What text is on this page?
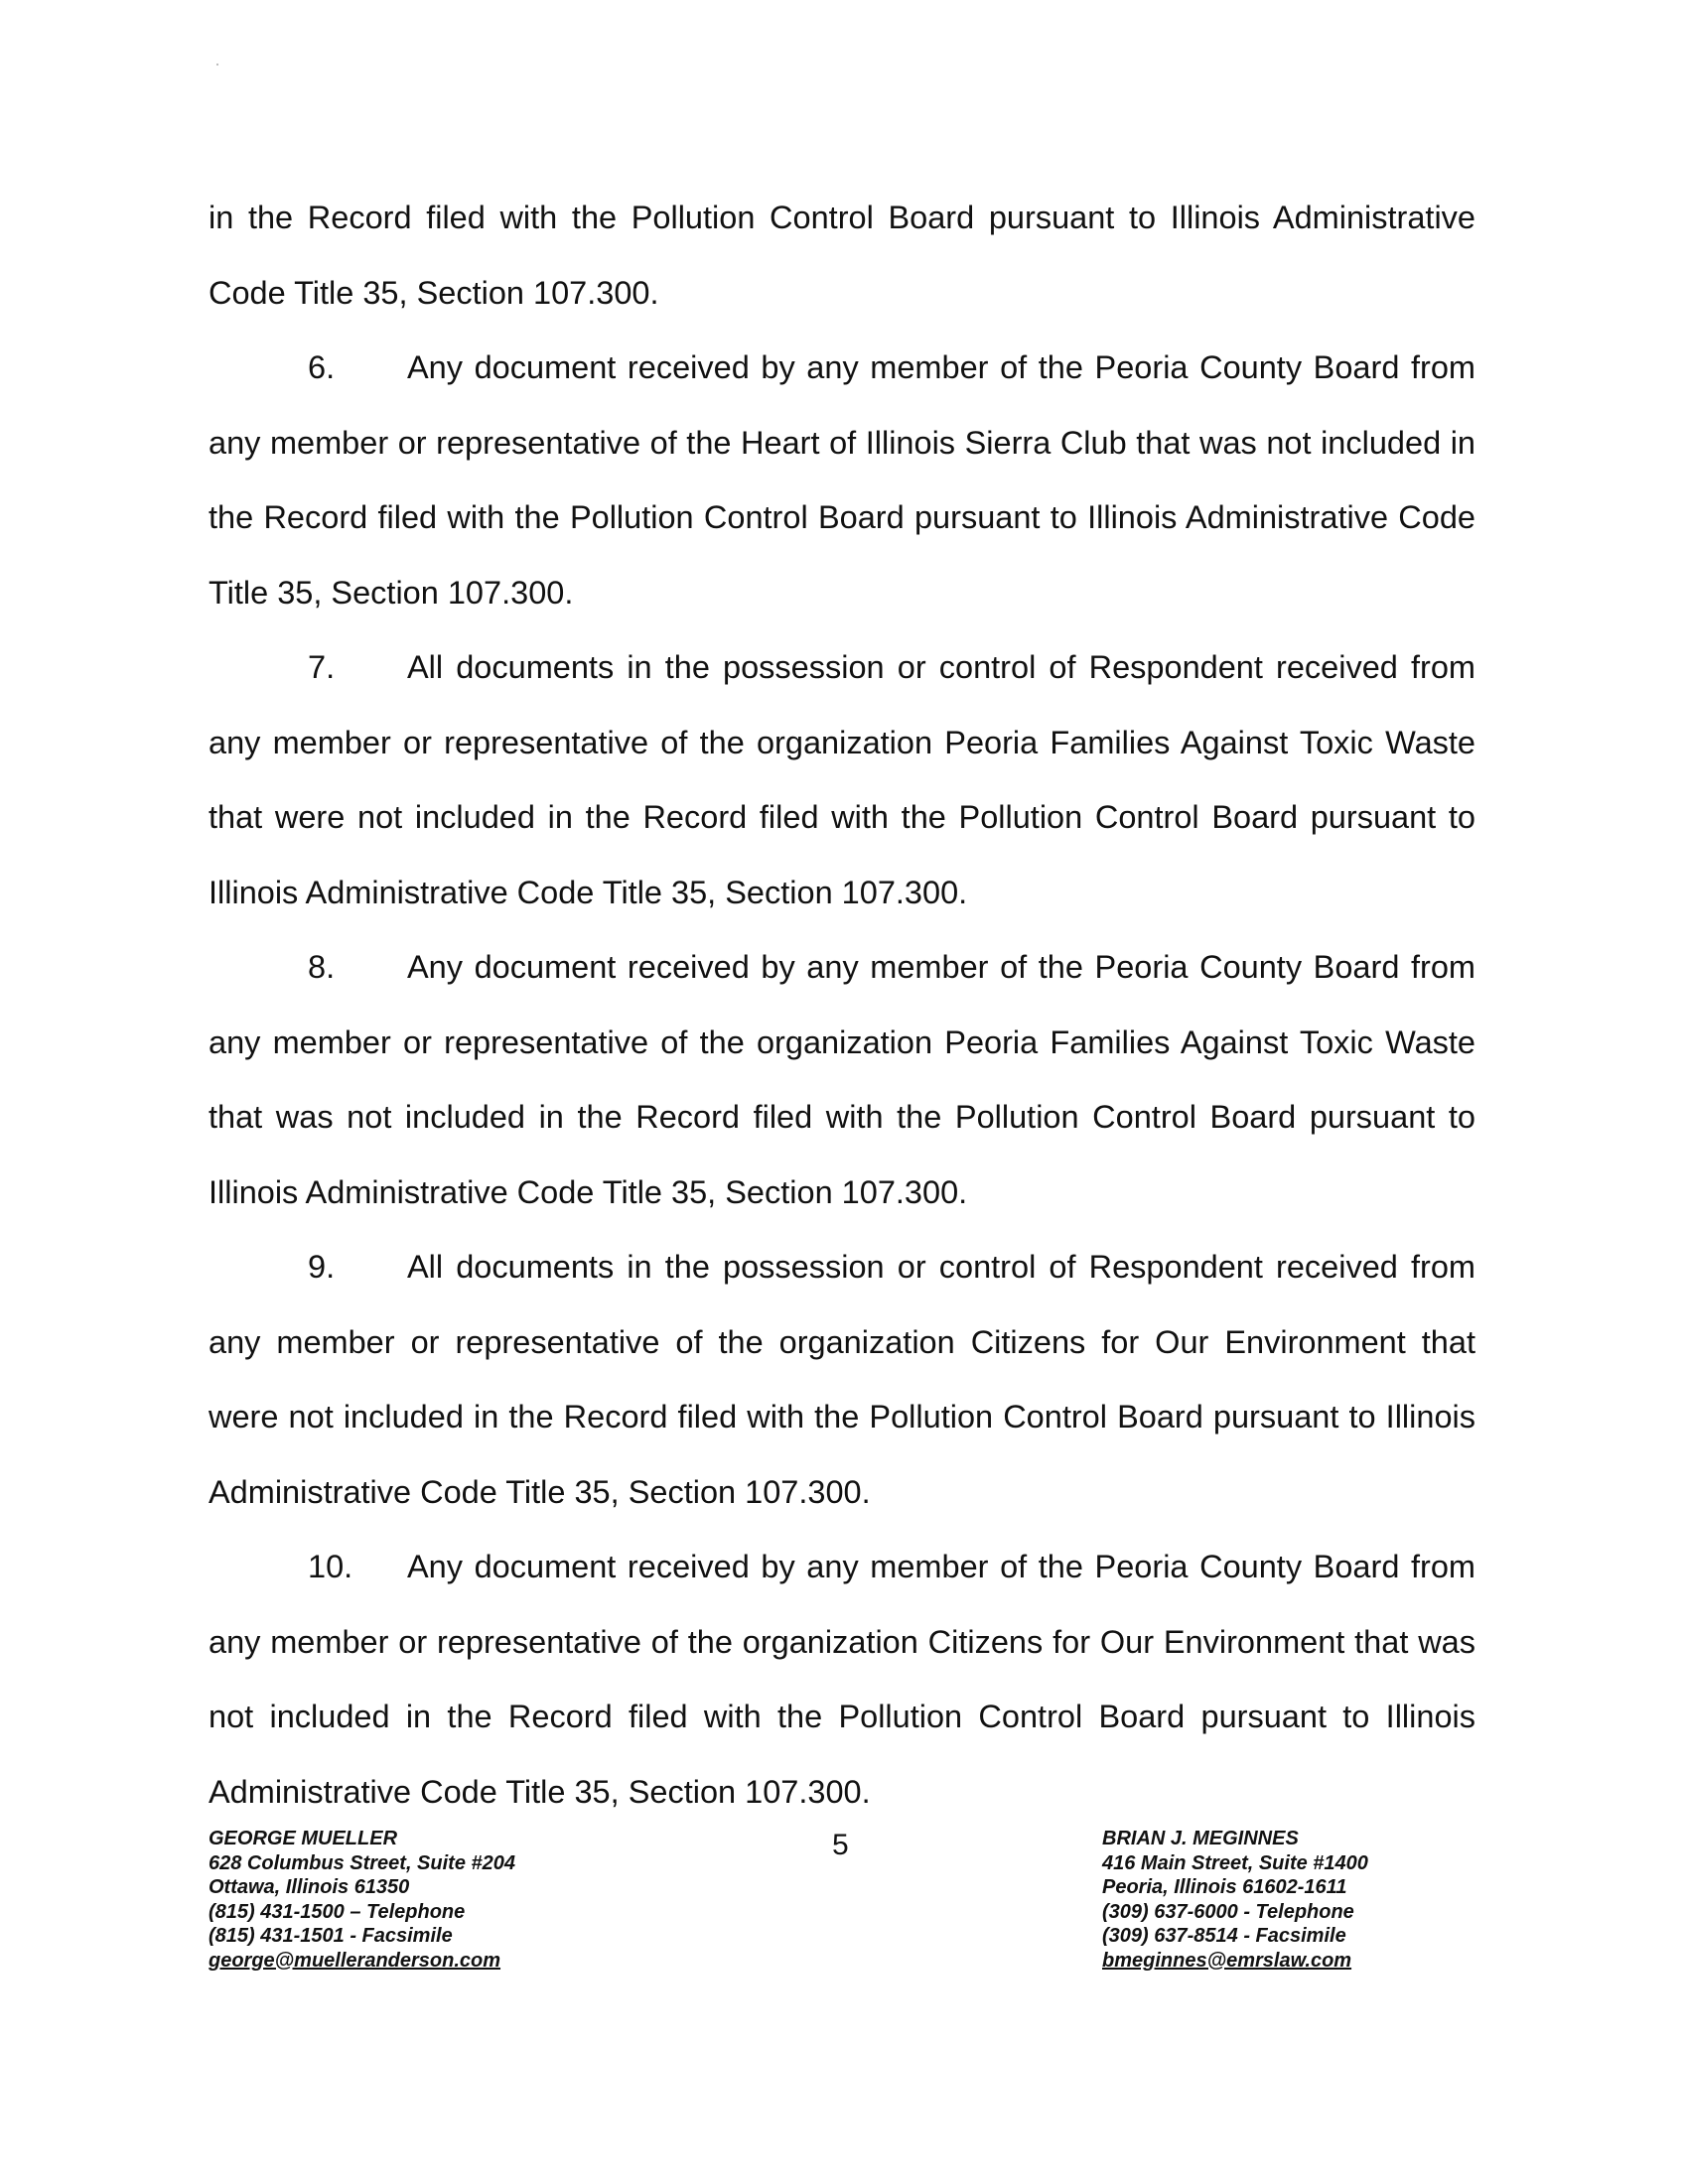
in the Record filed with the Pollution Control Board pursuant to Illinois Administrative Code Title 35, Section 107.300.

6. Any document received by any member of the Peoria County Board from any member or representative of the Heart of Illinois Sierra Club that was not included in the Record filed with the Pollution Control Board pursuant to Illinois Administrative Code Title 35, Section 107.300.

7. All documents in the possession or control of Respondent received from any member or representative of the organization Peoria Families Against Toxic Waste that were not included in the Record filed with the Pollution Control Board pursuant to Illinois Administrative Code Title 35, Section 107.300.

8. Any document received by any member of the Peoria County Board from any member or representative of the organization Peoria Families Against Toxic Waste that was not included in the Record filed with the Pollution Control Board pursuant to Illinois Administrative Code Title 35, Section 107.300.

9. All documents in the possession or control of Respondent received from any member or representative of the organization Citizens for Our Environment that were not included in the Record filed with the Pollution Control Board pursuant to Illinois Administrative Code Title 35, Section 107.300.

10. Any document received by any member of the Peoria County Board from any member or representative of the organization Citizens for Our Environment that was not included in the Record filed with the Pollution Control Board pursuant to Illinois Administrative Code Title 35, Section 107.300.

GEORGE MUELLER
628 Columbus Street, Suite #204
Ottawa, Illinois 61350
(815) 431-1500 – Telephone
(815) 431-1501 - Facsimile
george@muelleranderson.com
5	BRIAN J. MEGINNES
416 Main Street, Suite #1400
Peoria, Illinois 61602-1611
(309) 637-6000 - Telephone
(309) 637-8514 - Facsimile
bmeginnes@emrslaw.com
